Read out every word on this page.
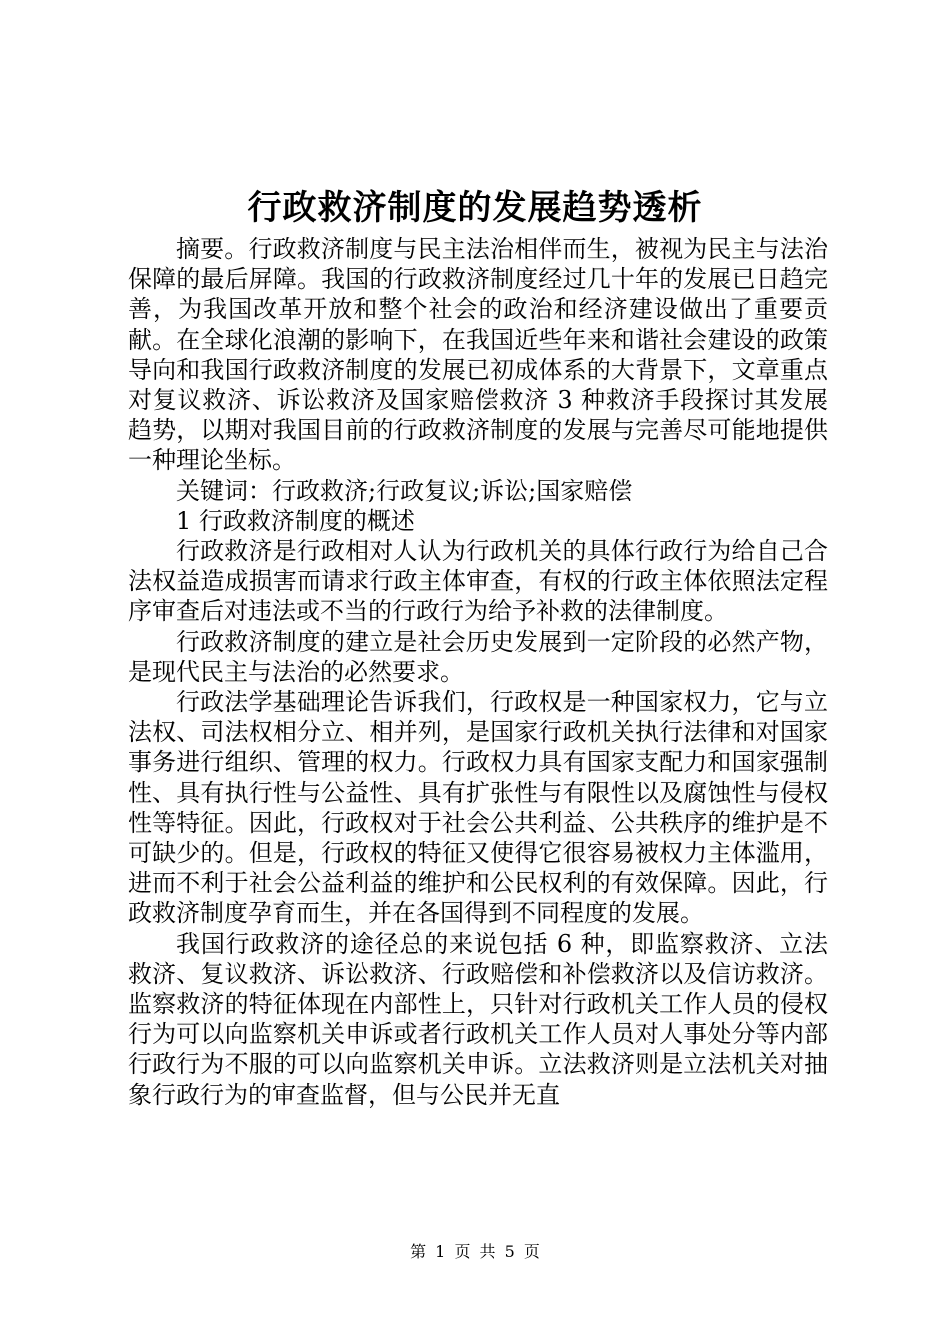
行政救济制度的发展趋势透析

摘要。行政救济制度与民主法治相伴而生，被视为民主与法治保障的最后屏障。我国的行政救济制度经过几十年的发展已日趋完善，为我国改革开放和整个社会的政治和经济建设做出了重要贡献。在全球化浪潮的影响下，在我国近些年来和谐社会建设的政策导向和我国行政救济制度的发展已初成体系的大背景下，文章重点对复议救济、诉讼救济及国家赔偿救济 3 种救济手段探讨其发展趋势，以期对我国目前的行政救济制度的发展与完善尽可能地提供一种理论坐标。

关键词：行政救济;行政复议;诉讼;国家赔偿

1 行政救济制度的概述

行政救济是行政相对人认为行政机关的具体行政行为给自己合法权益造成损害而请求行政主体审查，有权的行政主体依照法定程序审查后对违法或不当的行政行为给予补救的法律制度。

行政救济制度的建立是社会历史发展到一定阶段的必然产物，是现代民主与法治的必然要求。

行政法学基础理论告诉我们，行政权是一种国家权力，它与立法权、司法权相分立、相并列，是国家行政机关执行法律和对国家事务进行组织、管理的权力。行政权力具有国家支配力和国家强制性、具有执行性与公益性、具有扩张性与有限性以及腐蚀性与侵权性等特征。因此，行政权对于社会公共利益、公共秩序的维护是不可缺少的。但是，行政权的特征又使得它很容易被权力主体滥用，进而不利于社会公益利益的维护和公民权利的有效保障。因此，行政救济制度孕育而生，并在各国得到不同程度的发展。

我国行政救济的途径总的来说包括 6 种，即监察救济、立法救济、复议救济、诉讼救济、行政赔偿和补偿救济以及信访救济。监察救济的特征体现在内部性上，只针对行政机关工作人员的侵权行为可以向监察机关申诉或者行政机关工作人员对人事处分等内部行政行为不服的可以向监察机关申诉。立法救济则是立法机关对抽象行政行为的审查监督，但与公民并无直

第 1 页 共 5 页
